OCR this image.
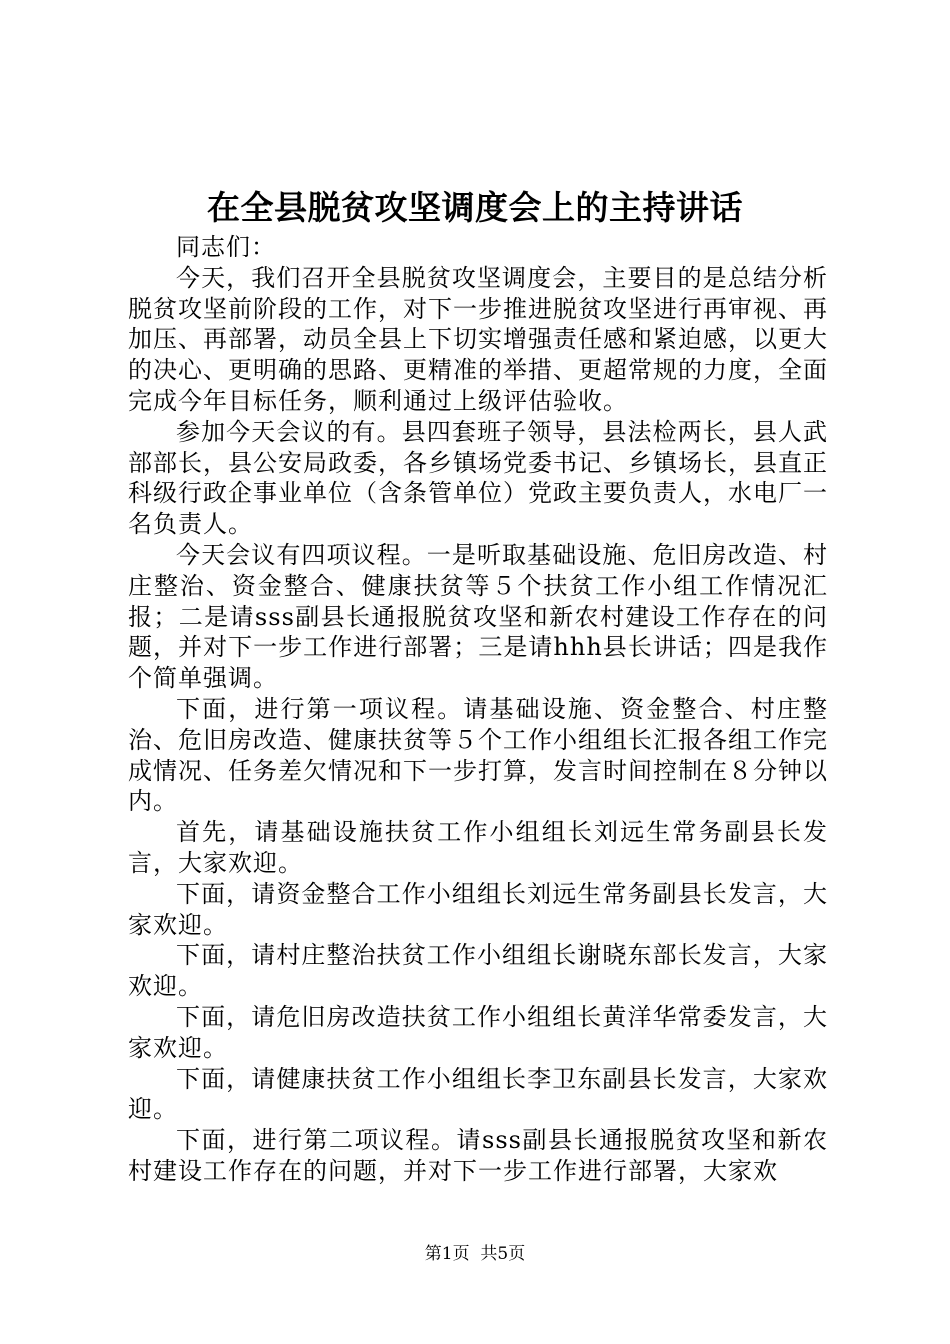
在全县脱贫攻坚调度会上的主持讲话

同志们：

今天，我们召开全县脱贫攻坚调度会，主要目的是总结分析脱贫攻坚前阶段的工作，对下一步推进脱贫攻坚进行再审视、再加压、再部署，动员全县上下切实增强责任感和紧迫感，以更大的决心、更明确的思路、更精准的举措、更超常规的力度，全面完成今年目标任务，顺利通过上级评估验收。

参加今天会议的有。县四套班子领导，县法检两长，县人武部部长，县公安局政委，各乡镇场党委书记、乡镇场长，县直正科级行政企事业单位（含条管单位）党政主要负责人，水电厂一名负责人。

今天会议有四项议程。一是听取基础设施、危旧房改造、村庄整治、资金整合、健康扶贫等５个扶贫工作小组工作情况汇报；二是请sss副县长通报脱贫攻坚和新农村建设工作存在的问题，并对下一步工作进行部署；三是请hhh县长讲话；四是我作个简单强调。

下面，进行第一项议程。请基础设施、资金整合、村庄整治、危旧房改造、健康扶贫等５个工作小组组长汇报各组工作完成情况、任务差欠情况和下一步打算，发言时间控制在８分钟以内。

首先，请基础设施扶贫工作小组组长刘远生常务副县长发言，大家欢迎。

下面，请资金整合工作小组组长刘远生常务副县长发言，大家欢迎。

下面，请村庄整治扶贫工作小组组长谢晓东部长发言，大家欢迎。

下面，请危旧房改造扶贫工作小组组长黄洋华常委发言，大家欢迎。

下面，请健康扶贫工作小组组长李卫东副县长发言，大家欢迎。

下面，进行第二项议程。请sss副县长通报脱贫攻坚和新农村建设工作存在的问题，并对下一步工作进行部署，大家欢

第1页 共5页
